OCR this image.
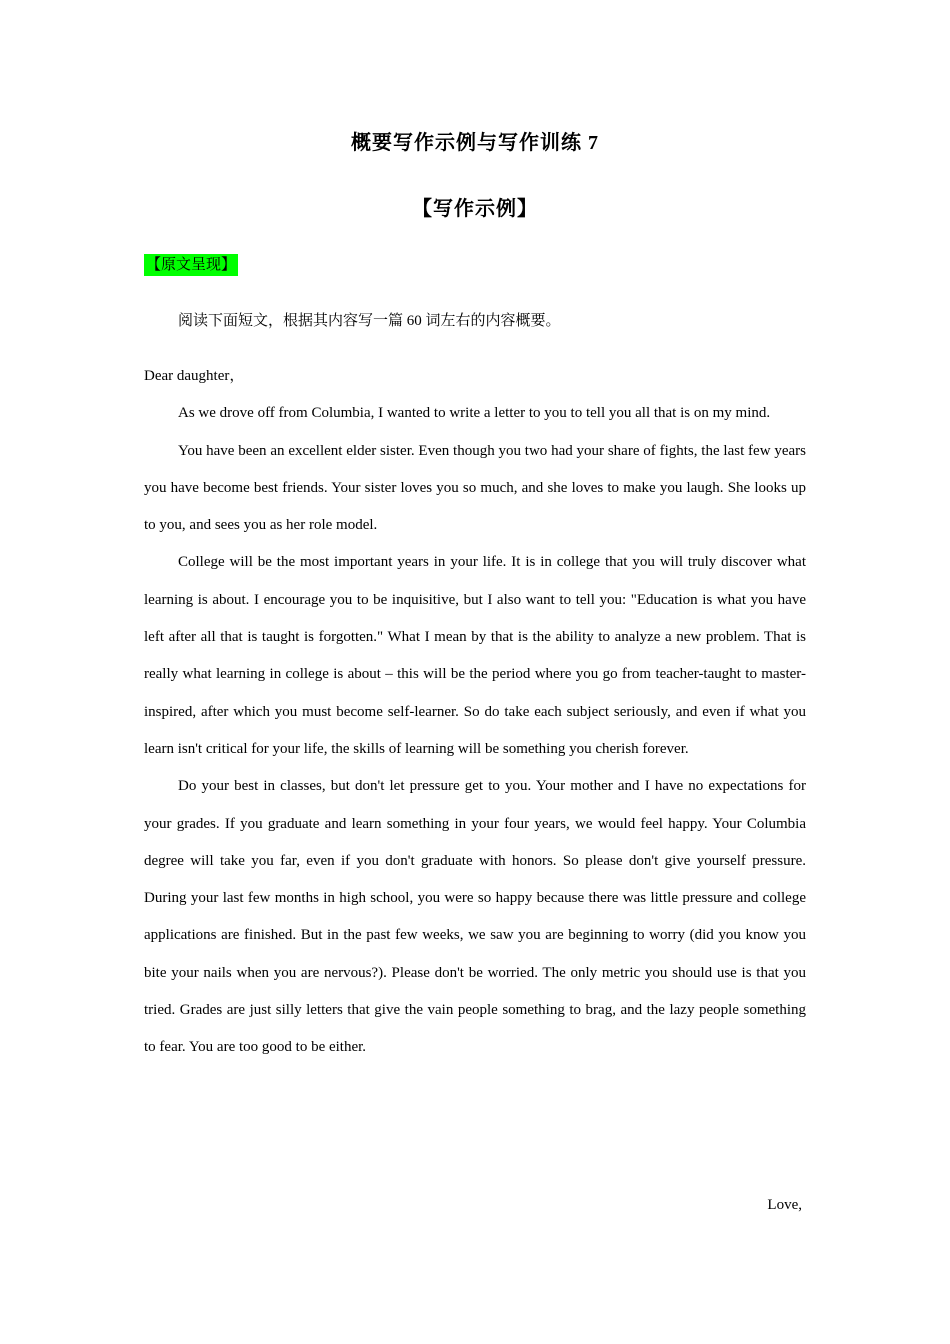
概要写作示例与写作训练 7
【写作示例】
【原文呈现】
阅读下面短文，根据其内容写一篇 60 词左右的内容概要。

Dear daughter，

As we drove off from Columbia, I wanted to write a letter to you to tell you all that is on my mind.

You have been an excellent elder sister. Even though you two had your share of fights, the last few years you have become best friends. Your sister loves you so much, and she loves to make you laugh. She looks up to you, and sees you as her role model.

College will be the most important years in your life. It is in college that you will truly discover what learning is about. I encourage you to be inquisitive, but I also want to tell you: "Education is what you have left after all that is taught is forgotten." What I mean by that is the ability to analyze a new problem. That is really what learning in college is about – this will be the period where you go from teacher-taught to master-inspired, after which you must become self-learner. So do take each subject seriously, and even if what you learn isn't critical for your life, the skills of learning will be something you cherish forever.

Do your best in classes, but don't let pressure get to you. Your mother and I have no expectations for your grades. If you graduate and learn something in your four years, we would feel happy. Your Columbia degree will take you far, even if you don't graduate with honors. So please don't give yourself pressure. During your last few months in high school, you were so happy because there was little pressure and college applications are finished. But in the past few weeks, we saw you are beginning to worry (did you know you bite your nails when you are nervous?). Please don't be worried. The only metric you should use is that you tried. Grades are just silly letters that give the vain people something to brag, and the lazy people something to fear. You are too good to be either.

Love,
